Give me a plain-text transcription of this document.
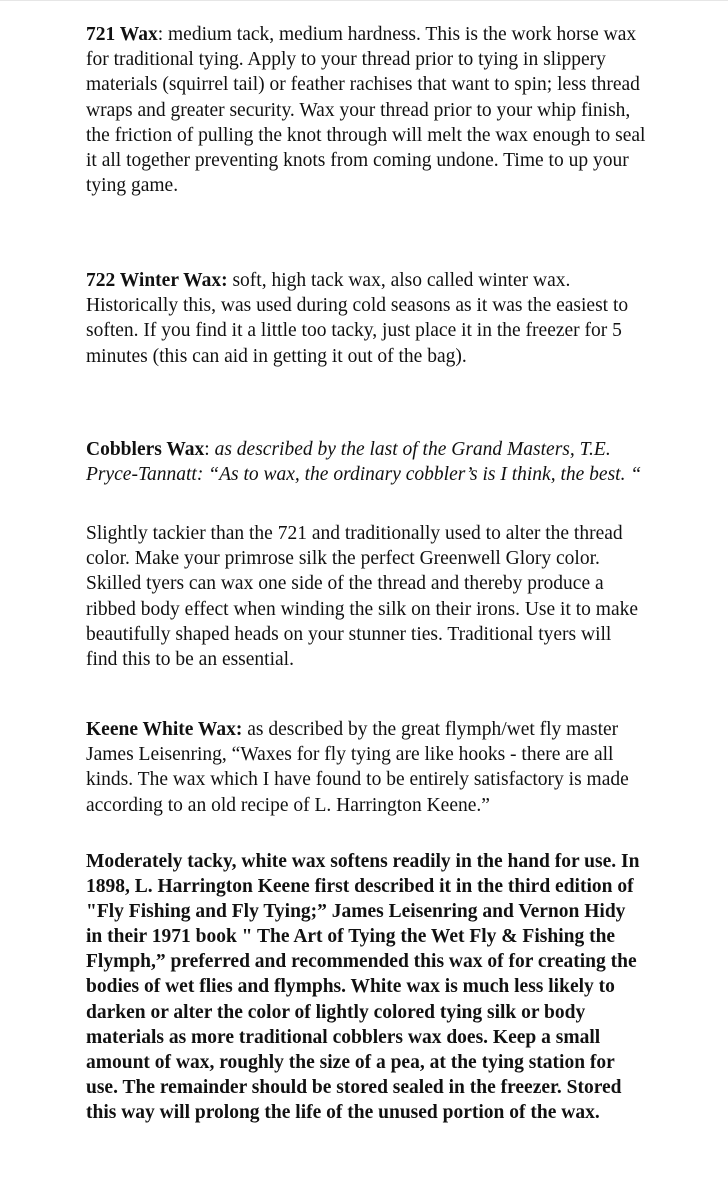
721 Wax: medium tack, medium hardness. This is the work horse wax for traditional tying. Apply to your thread prior to tying in slippery materials (squirrel tail) or feather rachises that want to spin; less thread wraps and greater security. Wax your thread prior to your whip finish, the friction of pulling the knot through will melt the wax enough to seal it all together preventing knots from coming undone. Time to up your tying game.

722 Winter Wax: soft, high tack wax, also called winter wax. Historically this, was used during cold seasons as it was the easiest to soften. If you find it a little too tacky, just place it in the freezer for 5 minutes (this can aid in getting it out of the bag).

Cobblers Wax: as described by the last of the Grand Masters, T.E. Pryce-Tannatt: “As to wax, the ordinary cobbler’s is I think, the best. “

Slightly tackier than the 721 and traditionally used to alter the thread color. Make your primrose silk the perfect Greenwell Glory color. Skilled tyers can wax one side of the thread and thereby produce a ribbed body effect when winding the silk on their irons. Use it to make beautifully shaped heads on your stunner ties. Traditional tyers will find this to be an essential.

Keene White Wax: as described by the great flymph/wet fly master James Leisenring, “Waxes for fly tying are like hooks - there are all kinds. The wax which I have found to be entirely satisfactory is made according to an old recipe of L. Harrington Keene.”

Moderately tacky, white wax softens readily in the hand for use. In 1898, L. Harrington Keene first described it in the third edition of "Fly Fishing and Fly Tying;” James Leisenring and Vernon Hidy in their 1971 book " The Art of Tying the Wet Fly & Fishing the Flymph,” preferred and recommended this wax of for creating the bodies of wet flies and flymphs. White wax is much less likely to darken or alter the color of lightly colored tying silk or body materials as more traditional cobblers wax does. Keep a small amount of wax, roughly the size of a pea, at the tying station for use. The remainder should be stored sealed in the freezer. Stored this way will prolong the life of the unused portion of the wax.
